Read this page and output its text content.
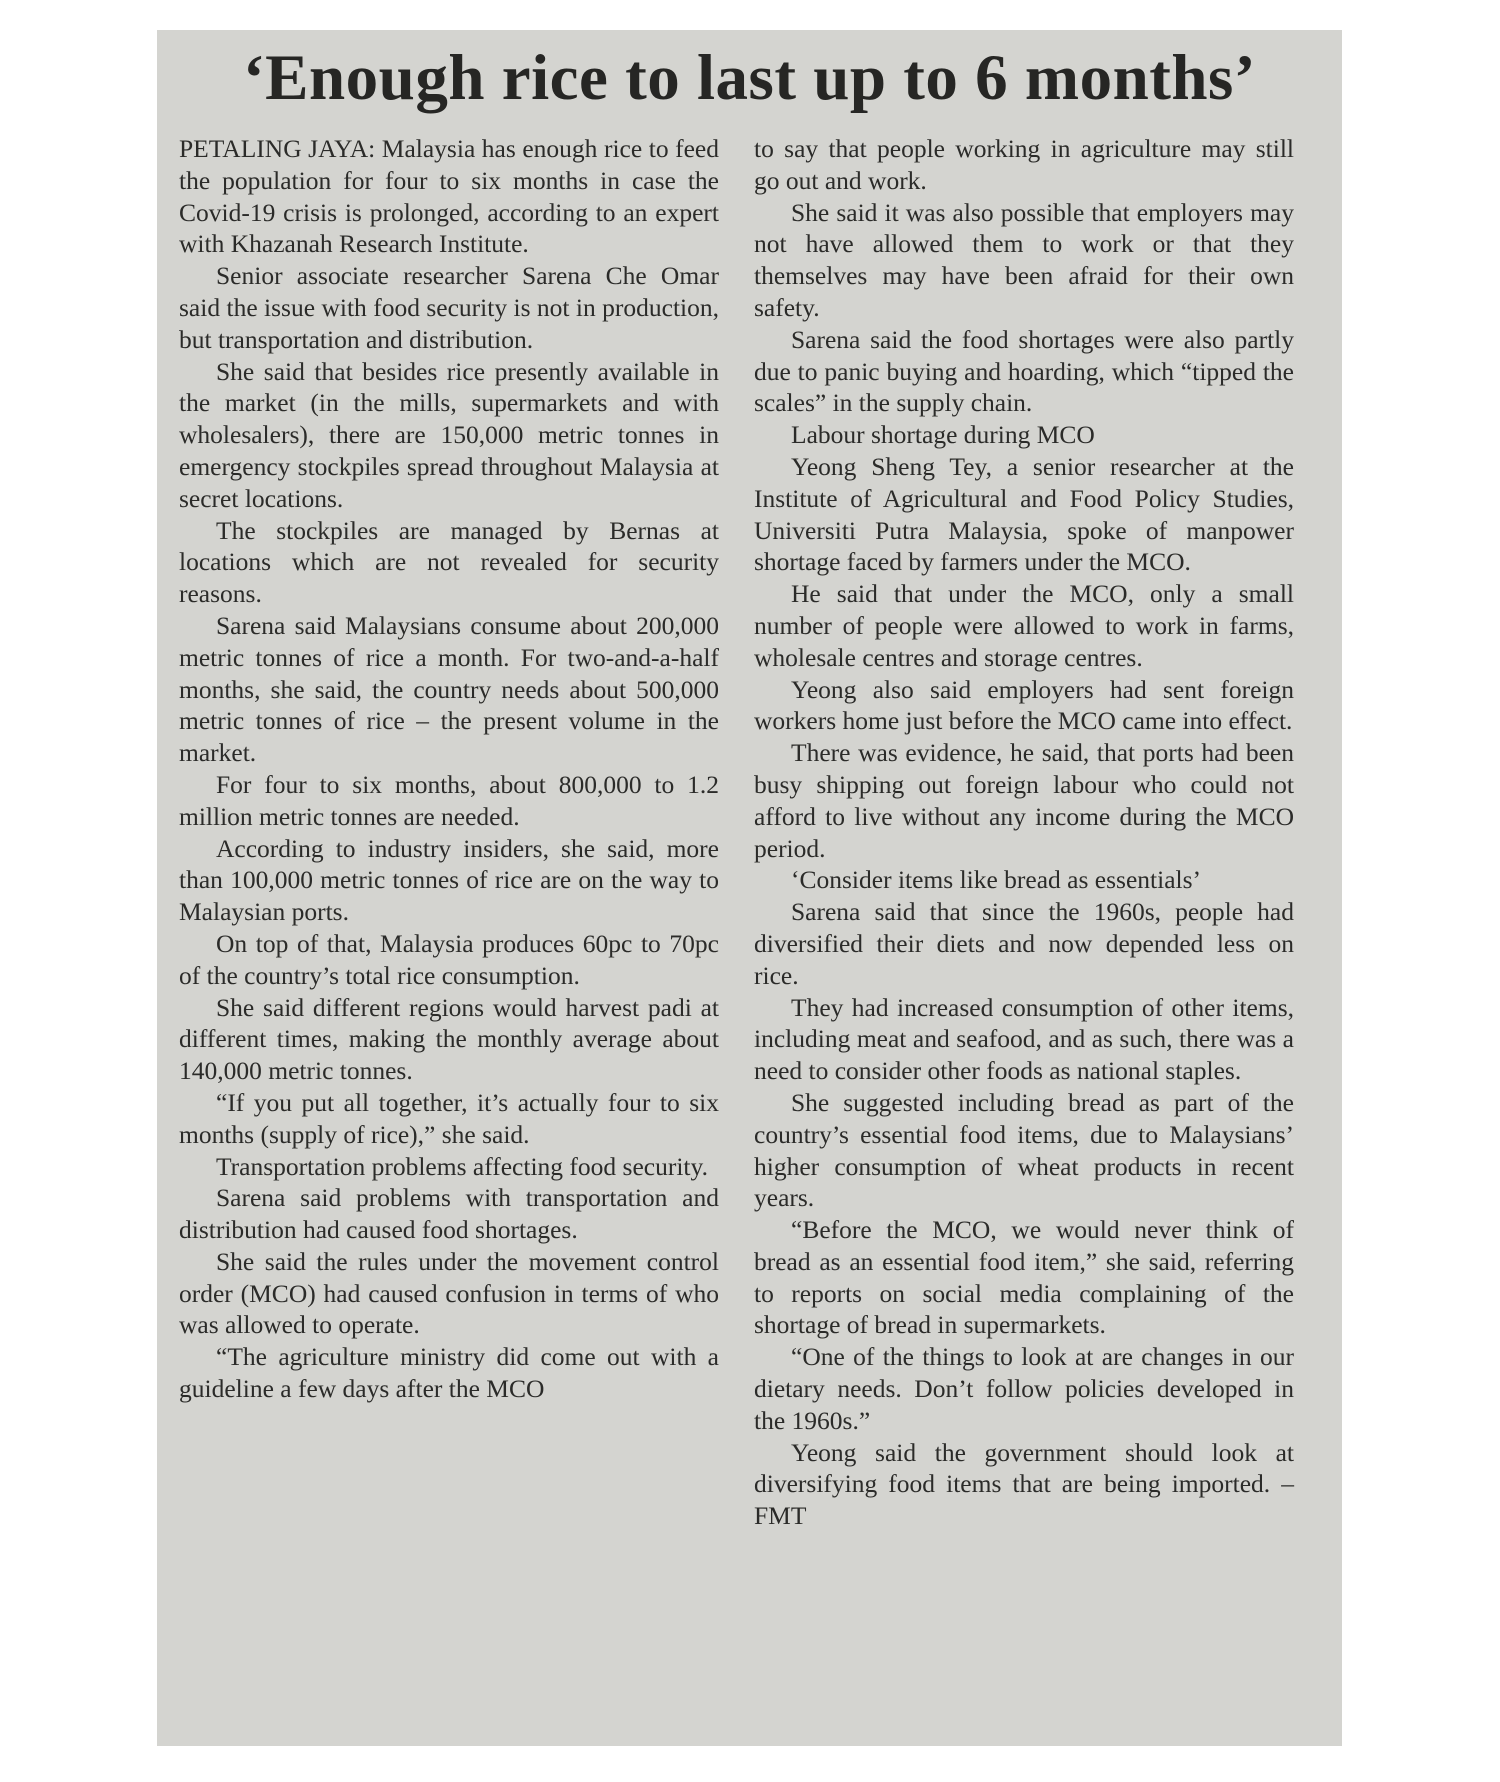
‘Enough rice to last up to 6 months’

PETALING JAYA: Malaysia has enough rice to feed the population for four to six months in case the Covid-19 crisis is prolonged, according to an expert with Khazanah Research Institute.

Senior associate researcher Sarena Che Omar said the issue with food security is not in production, but transportation and distribution.

She said that besides rice presently available in the market (in the mills, supermarkets and with wholesalers), there are 150,000 metric tonnes in emergency stockpiles spread throughout Malaysia at secret locations.

The stockpiles are managed by Bernas at locations which are not revealed for security reasons.

Sarena said Malaysians consume about 200,000 metric tonnes of rice a month. For two-and-a-half months, she said, the country needs about 500,000 metric tonnes of rice – the present volume in the market.

For four to six months, about 800,000 to 1.2 million metric tonnes are needed.

According to industry insiders, she said, more than 100,000 metric tonnes of rice are on the way to Malaysian ports.

On top of that, Malaysia produces 60pc to 70pc of the country’s total rice consumption.

She said different regions would harvest padi at different times, making the monthly average about 140,000 metric tonnes.

“If you put all together, it’s actually four to six months (supply of rice),” she said.

Transportation problems affecting food security.

Sarena said problems with transportation and distribution had caused food shortages.

She said the rules under the movement control order (MCO) had caused confusion in terms of who was allowed to operate.

“The agriculture ministry did come out with a guideline a few days after the MCO

to say that people working in agriculture may still go out and work.

She said it was also possible that employers may not have allowed them to work or that they themselves may have been afraid for their own safety.

Sarena said the food shortages were also partly due to panic buying and hoarding, which “tipped the scales” in the supply chain.

Labour shortage during MCO

Yeong Sheng Tey, a senior researcher at the Institute of Agricultural and Food Policy Studies, Universiti Putra Malaysia, spoke of manpower shortage faced by farmers under the MCO.

He said that under the MCO, only a small number of people were allowed to work in farms, wholesale centres and storage centres.

Yeong also said employers had sent foreign workers home just before the MCO came into effect.

There was evidence, he said, that ports had been busy shipping out foreign labour who could not afford to live without any income during the MCO period.

‘Consider items like bread as essentials’

Sarena said that since the 1960s, people had diversified their diets and now depended less on rice.

They had increased consumption of other items, including meat and seafood, and as such, there was a need to consider other foods as national staples.

She suggested including bread as part of the country’s essential food items, due to Malaysians’ higher consumption of wheat products in recent years.

“Before the MCO, we would never think of bread as an essential food item,” she said, referring to reports on social media complaining of the shortage of bread in supermarkets.

“One of the things to look at are changes in our dietary needs. Don’t follow policies developed in the 1960s.”

Yeong said the government should look at diversifying food items that are being imported. – FMT
